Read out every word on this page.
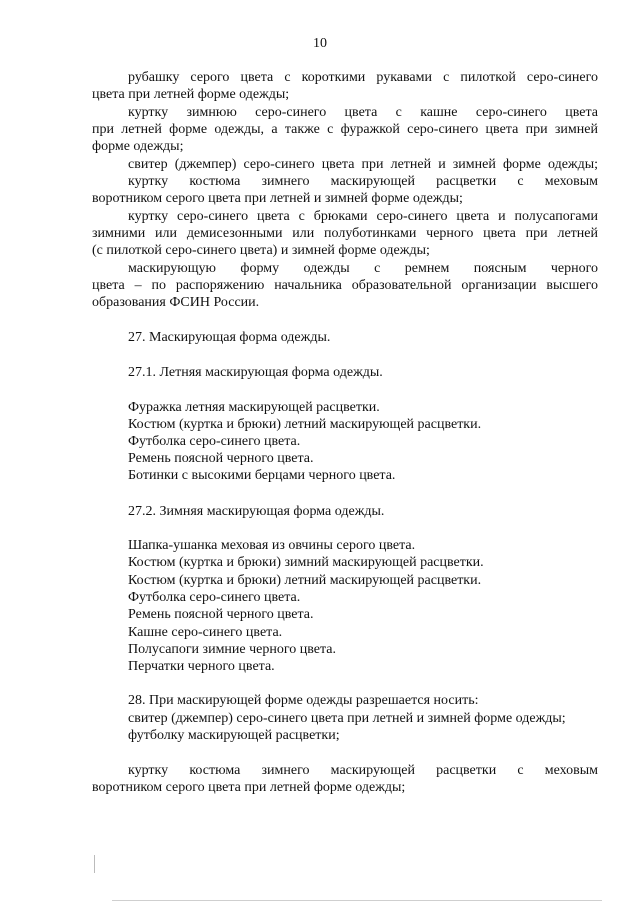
10
рубашку серого цвета с короткими рукавами с пилоткой серо-синего
цвета при летней форме одежды;
куртку зимнюю серо-синего цвета с кашне серо-синего цвета
при летней форме одежды, а также с фуражкой серо-синего цвета при зимней
форме одежды;
свитер (джемпер) серо-синего цвета при летней и зимней форме одежды;
куртку костюма зимнего маскирующей расцветки с меховым
воротником серого цвета при летней и зимней форме одежды;
куртку серо-синего цвета с брюками серо-синего цвета и полусапогами
зимними или демисезонными или полуботинками черного цвета при летней
(с пилоткой серо-синего цвета) и зимней форме одежды;
маскирующую форму одежды с ремнем поясным черного
цвета – по распоряжению начальника образовательной организации высшего
образования ФСИН России.
27. Маскирующая форма одежды.
27.1. Летняя маскирующая форма одежды.
Фуражка летняя маскирующей расцветки.
Костюм (куртка и брюки) летний маскирующей расцветки.
Футболка серо-синего цвета.
Ремень поясной черного цвета.
Ботинки с высокими берцами черного цвета.
27.2. Зимняя маскирующая форма одежды.
Шапка-ушанка меховая из овчины серого цвета.
Костюм (куртка и брюки) зимний маскирующей расцветки.
Костюм (куртка и брюки) летний маскирующей расцветки.
Футболка серо-синего цвета.
Ремень поясной черного цвета.
Кашне серо-синего цвета.
Полусапоги зимние черного цвета.
Перчатки черного цвета.
28. При маскирующей форме одежды разрешается носить:
свитер (джемпер) серо-синего цвета при летней и зимней форме одежды;
футболку маскирующей расцветки;
куртку костюма зимнего маскирующей расцветки с меховым
воротником серого цвета при летней форме одежды;
